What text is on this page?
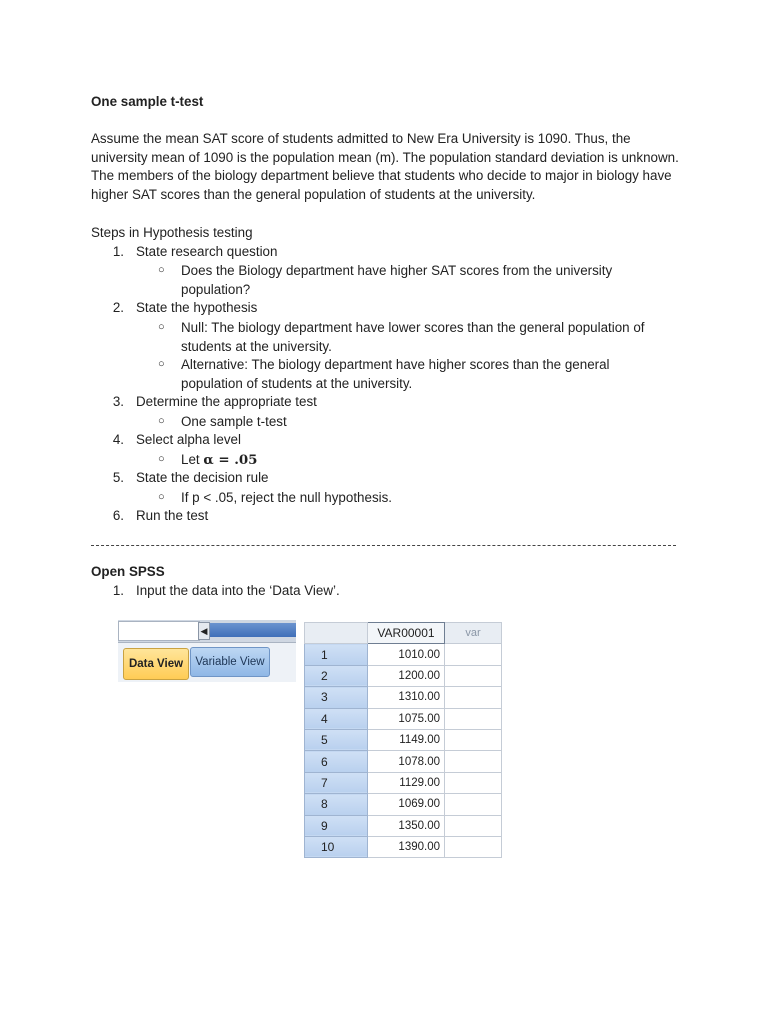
One sample t-test
Assume the mean SAT score of students admitted to New Era University is 1090. Thus, the university mean of 1090 is the population mean (m). The population standard deviation is unknown. The members of the biology department believe that students who decide to major in biology have higher SAT scores than the general population of students at the university.
Steps in Hypothesis testing
1. State research question
○ Does the Biology department have higher SAT scores from the university population?
2. State the hypothesis
○ Null: The biology department have lower scores than the general population of students at the university.
○ Alternative: The biology department have higher scores than the general population of students at the university.
3. Determine the appropriate test
○ One sample t-test
4. Select alpha level
○ Let α = .05
5. State the decision rule
○ If p < .05, reject the null hypothesis.
6. Run the test
Open SPSS
1. Input the data into the ‘Data View’.
◀
Data View	Variable View
	VAR00001	var
1	1010.00	
2	1200.00	
3	1310.00	
4	1075.00	
5	1149.00	
6	1078.00	
7	1129.00	
8	1069.00	
9	1350.00	
10	1390.00	
